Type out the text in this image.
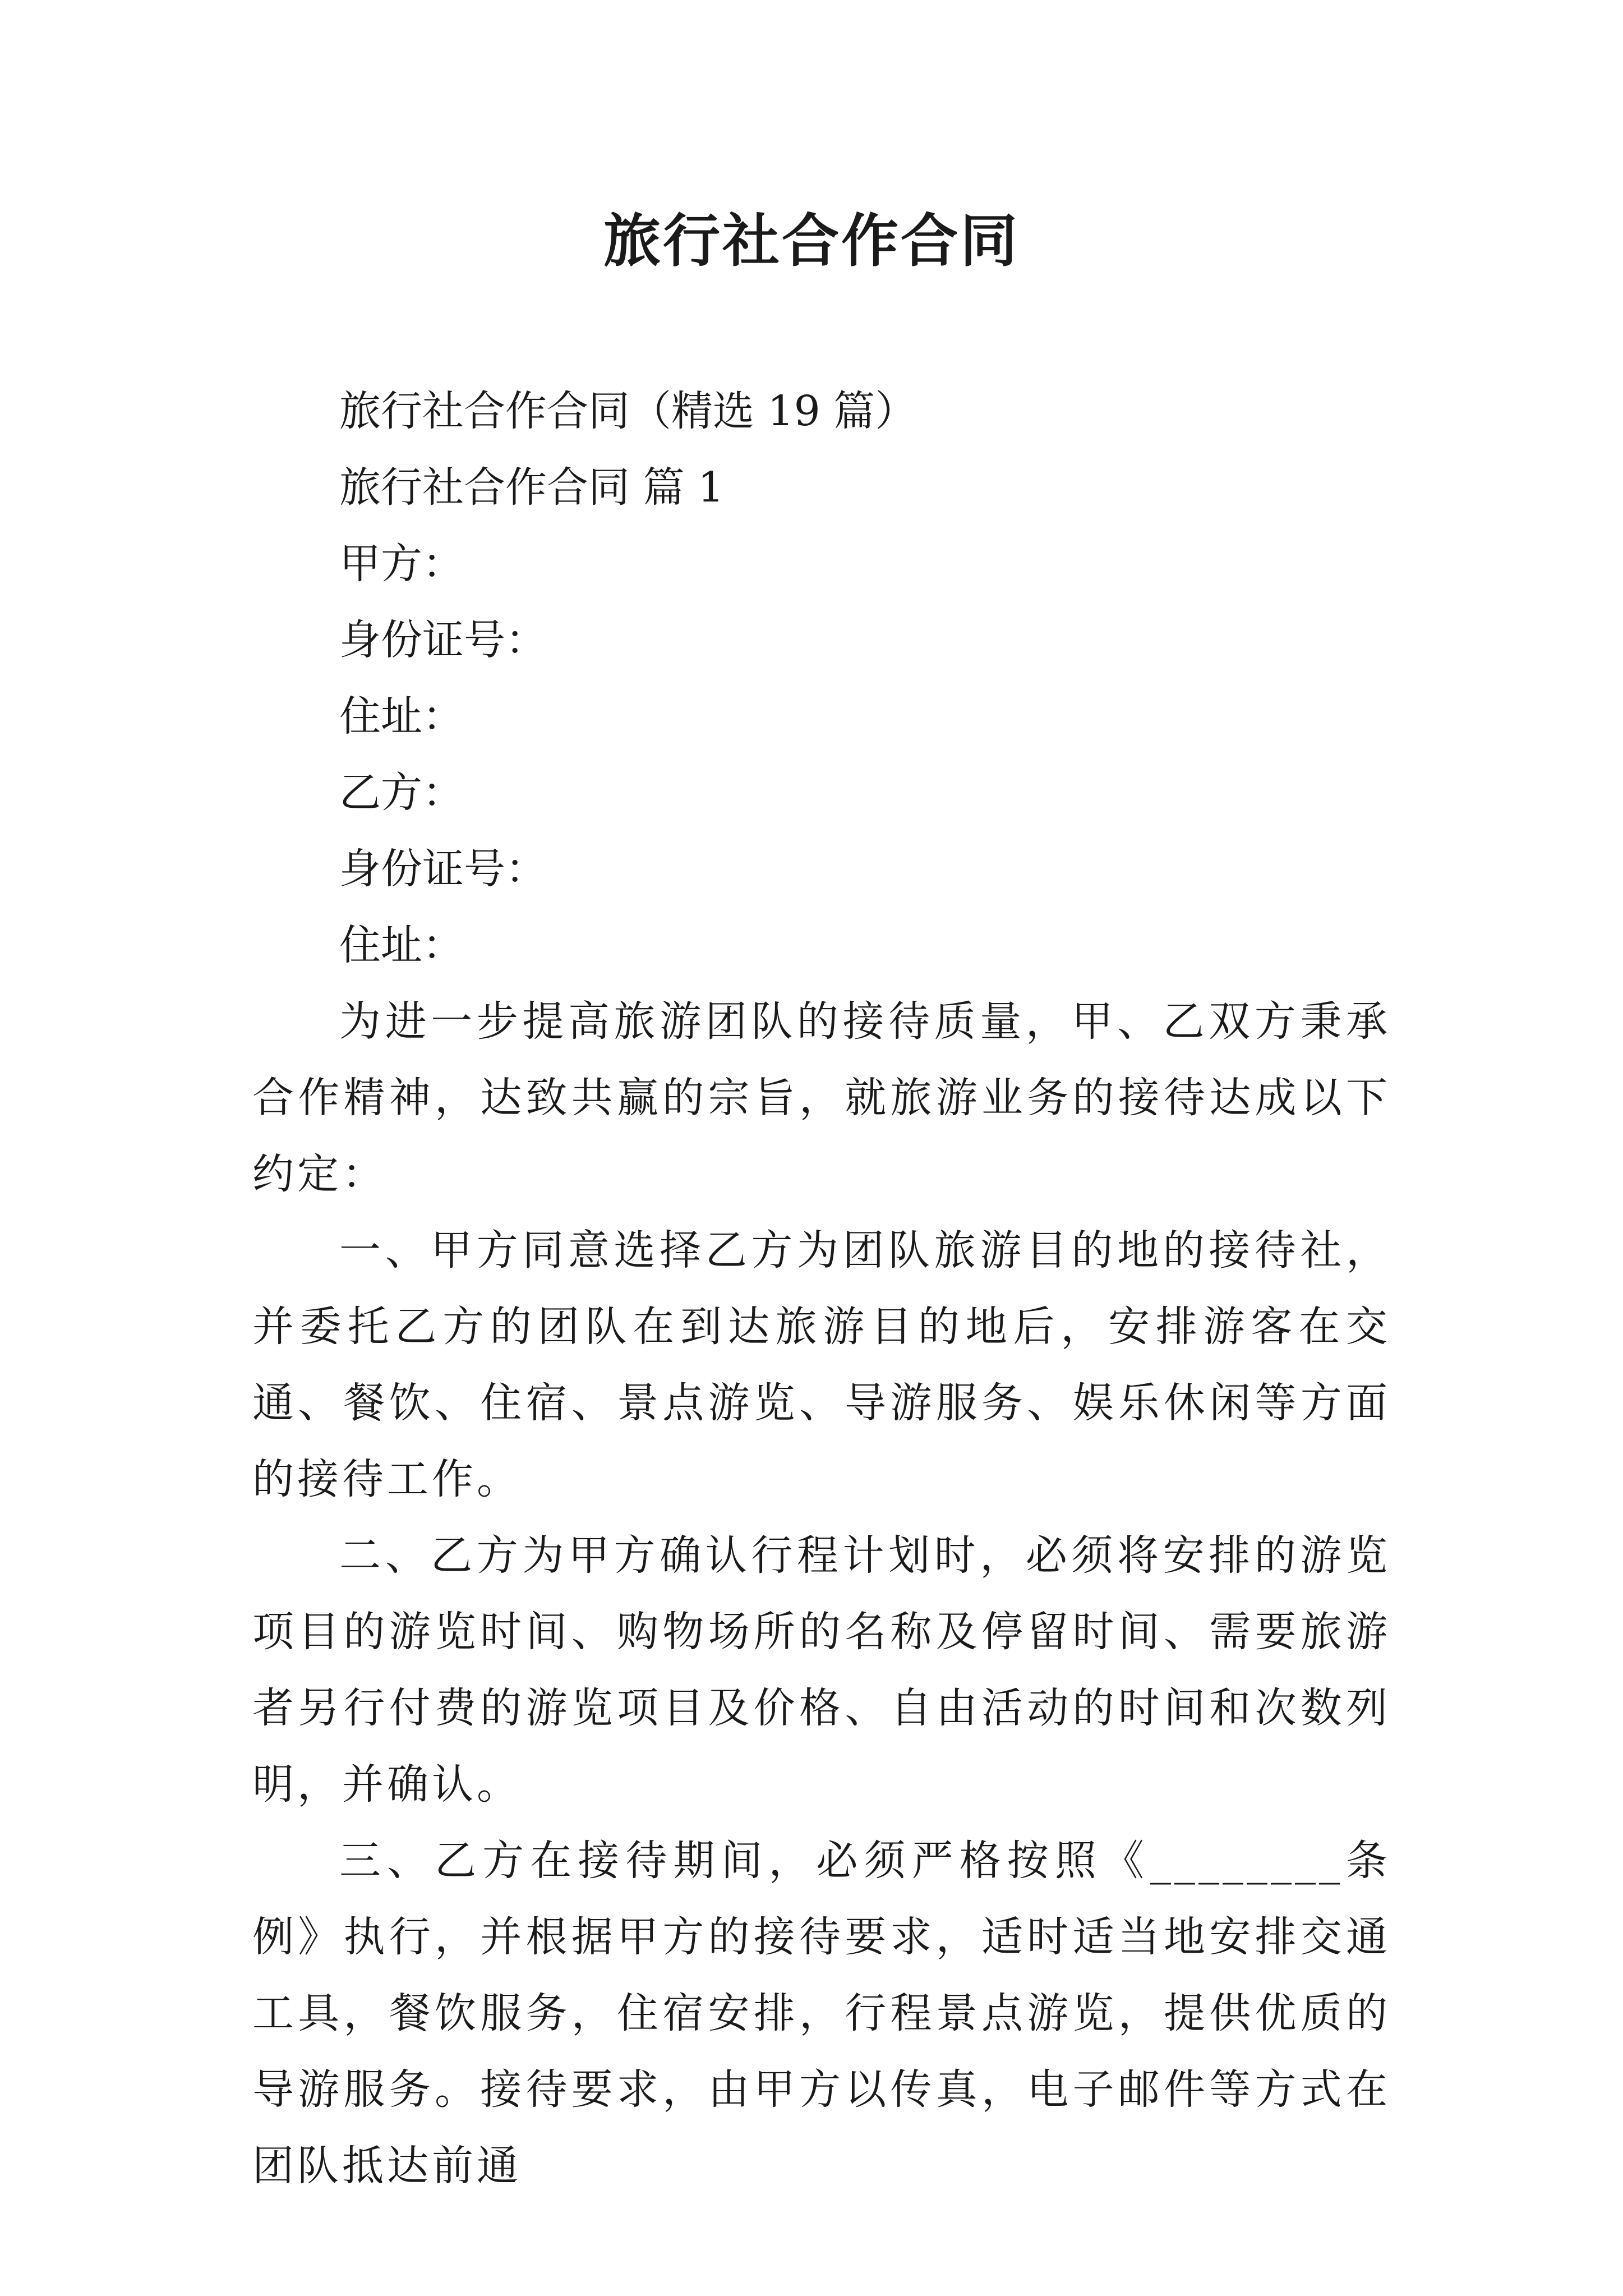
旅行社合作合同

旅行社合作合同（精选 19 篇）

旅行社合作合同 篇 1

甲方：

身份证号：

住址：

乙方：

身份证号：

住址：

为进一步提高旅游团队的接待质量，甲、乙双方秉承合作精神，达致共赢的宗旨，就旅游业务的接待达成以下约定：

一、甲方同意选择乙方为团队旅游目的地的接待社，并委托乙方的团队在到达旅游目的地后，安排游客在交通、餐饮、住宿、景点游览、导游服务、娱乐休闲等方面的接待工作。

二、乙方为甲方确认行程计划时，必须将安排的游览项目的游览时间、购物场所的名称及停留时间、需要旅游者另行付费的游览项目及价格、自由活动的时间和次数列明，并确认。

三、乙方在接待期间，必须严格按照《________条例》执行，并根据甲方的接待要求，适时适当地安排交通工具，餐饮服务，住宿安排，行程景点游览，提供优质的导游服务。接待要求，由甲方以传真，电子邮件等方式在团队抵达前通
